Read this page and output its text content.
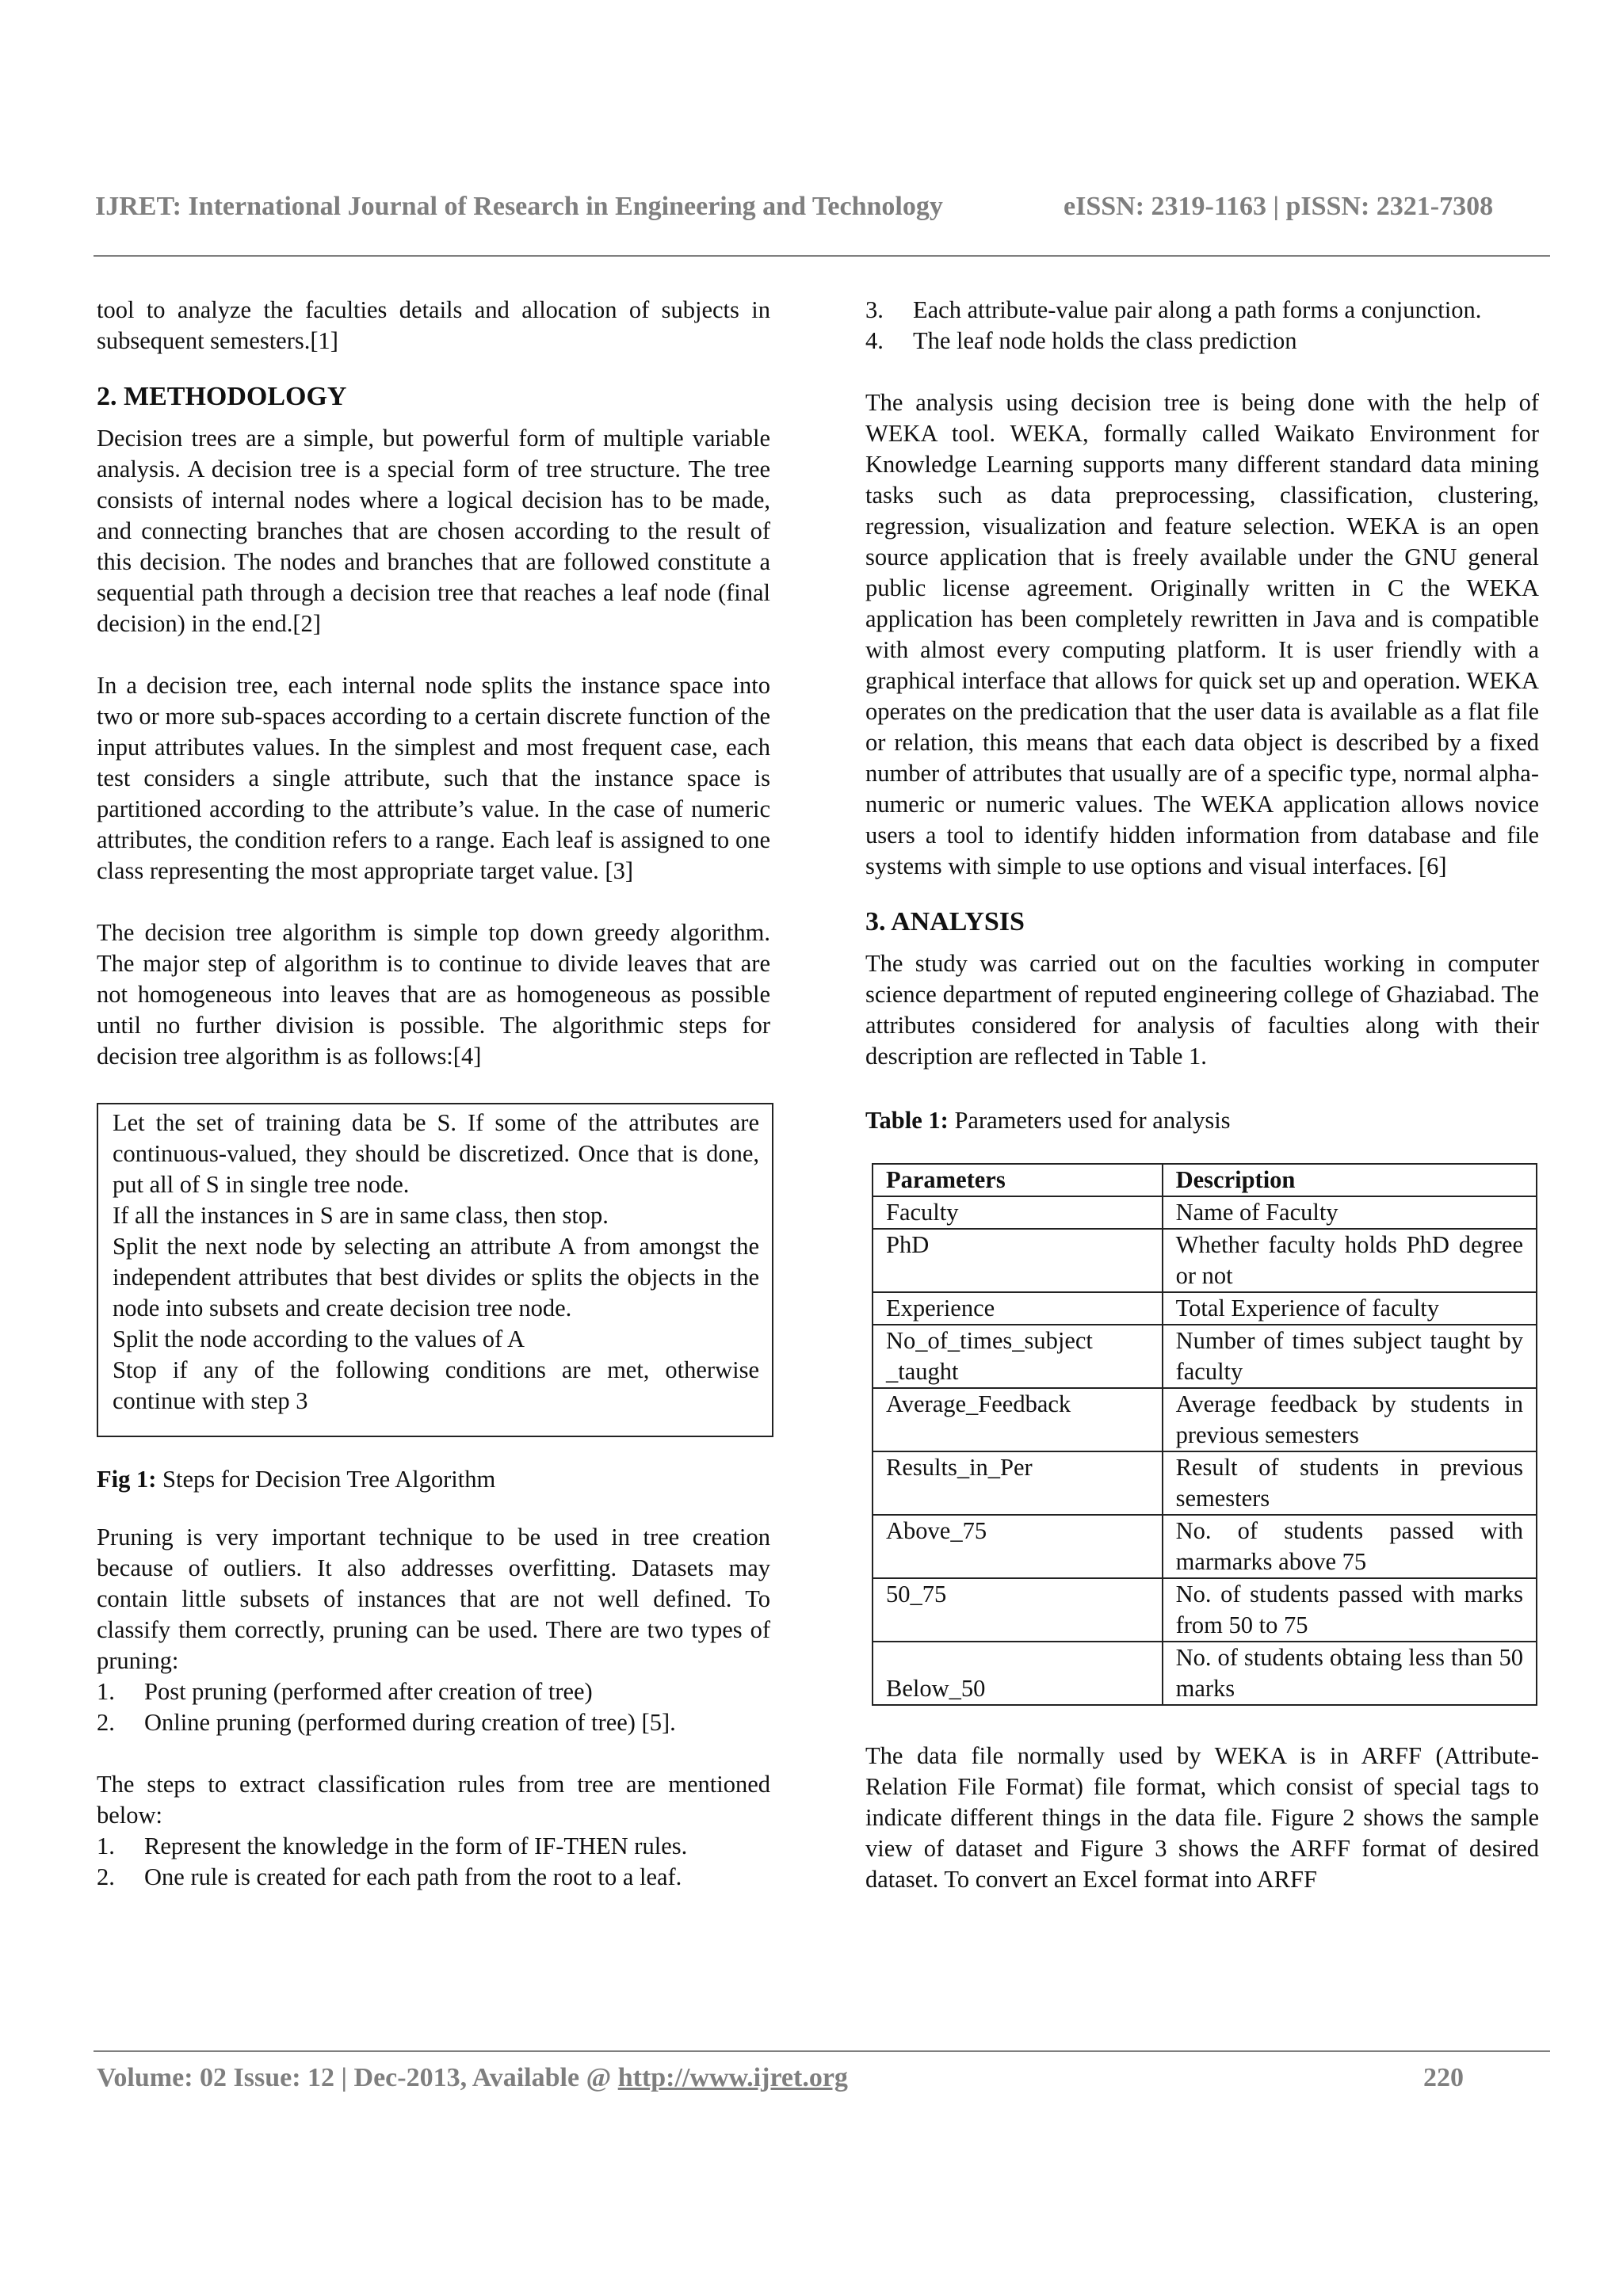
IJRET: International Journal of Research in Engineering and Technology	eISSN: 2319-1163 | pISSN: 2321-7308

tool to analyze the faculties details and allocation of subjects in subsequent semesters.[1]

2. METHODOLOGY

Decision trees are a simple, but powerful form of multiple variable analysis. A decision tree is a special form of tree structure. The tree consists of internal nodes where a logical decision has to be made, and connecting branches that are chosen according to the result of this decision. The nodes and branches that are followed constitute a sequential path through a decision tree that reaches a leaf node (final decision) in the end.[2]

In a decision tree, each internal node splits the instance space into two or more sub-spaces according to a certain discrete function of the input attributes values. In the simplest and most frequent case, each test considers a single attribute, such that the instance space is partitioned according to the attribute’s value. In the case of numeric attributes, the condition refers to a range. Each leaf is assigned to one class representing the most appropriate target value. [3]

The decision tree algorithm is simple top down greedy algorithm. The major step of algorithm is to continue to divide leaves that are not homogeneous into leaves that are as homogeneous as possible until no further division is possible. The algorithmic steps for decision tree algorithm is as follows:[4]

Let the set of training data be S. If some of the attributes are continuous-valued, they should be discretized. Once that is done, put all of S in single tree node.

If all the instances in S are in same class, then stop.

Split the next node by selecting an attribute A from amongst the independent attributes that best divides or splits the objects in the node into subsets and create decision tree node.

Split the node according to the values of A

Stop if any of the following conditions are met, otherwise continue with step 3

Fig 1: Steps for Decision Tree Algorithm

Pruning is very important technique to be used in tree creation because of outliers. It also addresses overfitting. Datasets may contain little subsets of instances that are not well defined. To classify them correctly, pruning can be used. There are two types of pruning:

1. Post pruning (performed after creation of tree)
2. Online pruning (performed during creation of tree) [5].

The steps to extract classification rules from tree are mentioned below:

1. Represent the knowledge in the form of IF-THEN rules.
2. One rule is created for each path from the root to a leaf.
3. Each attribute-value pair along a path forms a conjunction.
4. The leaf node holds the class prediction

The analysis using decision tree is being done with the help of WEKA tool. WEKA, formally called Waikato Environment for Knowledge Learning supports many different standard data mining tasks such as data preprocessing, classification, clustering, regression, visualization and feature selection. WEKA is an open source application that is freely available under the GNU general public license agreement. Originally written in C the WEKA application has been completely rewritten in Java and is compatible with almost every computing platform. It is user friendly with a graphical interface that allows for quick set up and operation. WEKA operates on the predication that the user data is available as a flat file or relation, this means that each data object is described by a fixed number of attributes that usually are of a specific type, normal alpha-numeric or numeric values. The WEKA application allows novice users a tool to identify hidden information from database and file systems with simple to use options and visual interfaces. [6]

3. ANALYSIS

The study was carried out on the faculties working in computer science department of reputed engineering college of Ghaziabad. The attributes considered for analysis of faculties along with their description are reflected in Table 1.

Table 1: Parameters used for analysis

Parameters	Description
Faculty	Name of Faculty
PhD	Whether faculty holds PhD degree or not
Experience	Total Experience of faculty
No_of_times_subject _taught	Number of times subject taught by faculty
Average_Feedback	Average feedback by students in previous semesters
Results_in_Per	Result of students in previous semesters
Above_75	No. of students passed with marmarks above 75
50_75	No. of students passed with marks from 50 to 75
Below_50	No. of students obtaing less than 50 marks

The data file normally used by WEKA is in ARFF (Attribute-Relation File Format) file format, which consist of special tags to indicate different things in the data file. Figure 2 shows the sample view of dataset and Figure 3 shows the ARFF format of desired dataset. To convert an Excel format into ARFF

Volume: 02 Issue: 12 | Dec-2013, Available @ http://www.ijret.org	220
